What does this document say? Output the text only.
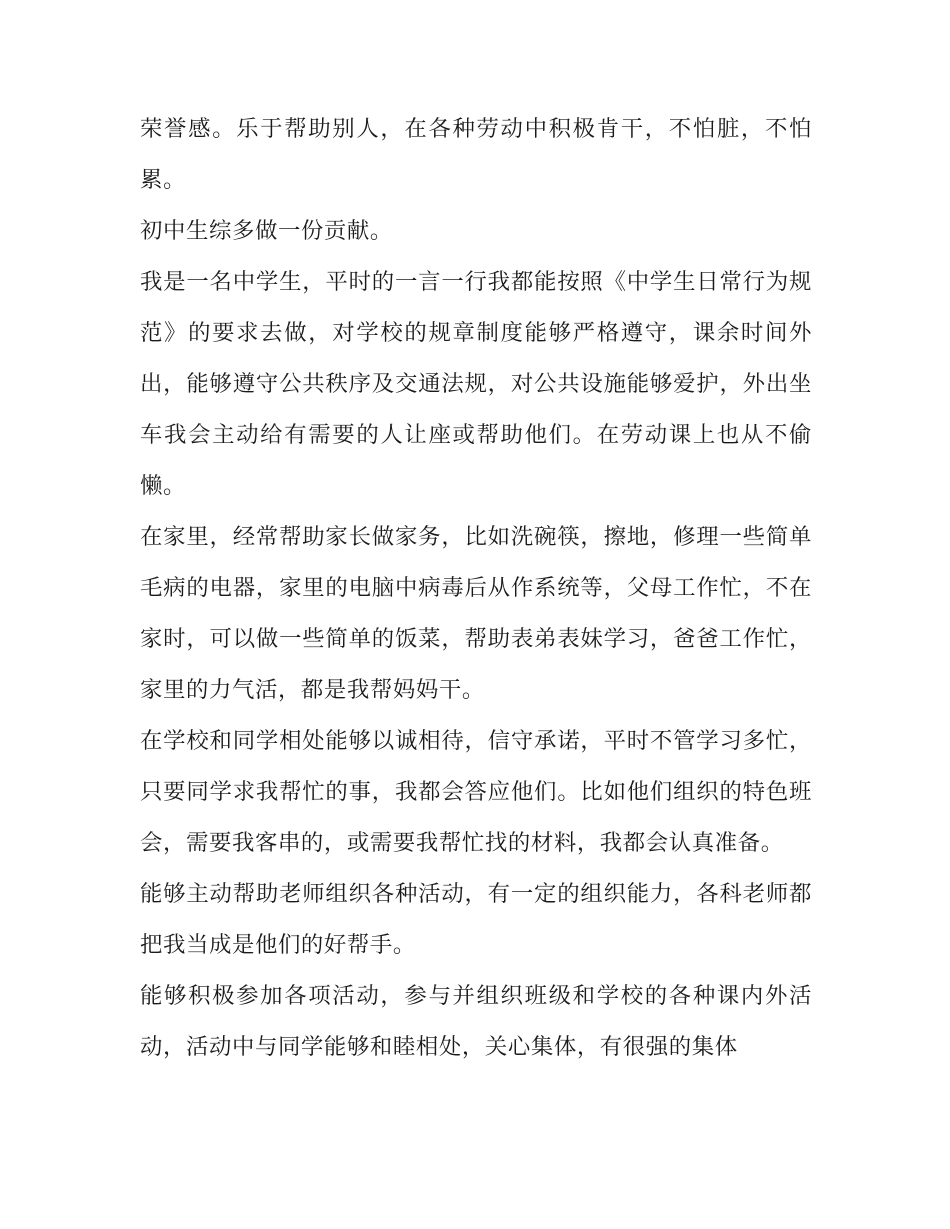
荣誉感。乐于帮助别人，在各种劳动中积极肯干，不怕脏，不怕累。

初中生综多做一份贡献。

我是一名中学生，平时的一言一行我都能按照《中学生日常行为规范》的要求去做，对学校的规章制度能够严格遵守，课余时间外出，能够遵守公共秩序及交通法规，对公共设施能够爱护，外出坐车我会主动给有需要的人让座或帮助他们。在劳动课上也从不偷懒。

在家里，经常帮助家长做家务，比如洗碗筷，擦地，修理一些简单毛病的电器，家里的电脑中病毒后从作系统等，父母工作忙，不在家时，可以做一些简单的饭菜，帮助表弟表妹学习，爸爸工作忙，家里的力气活，都是我帮妈妈干。

在学校和同学相处能够以诚相待，信守承诺，平时不管学习多忙，只要同学求我帮忙的事，我都会答应他们。比如他们组织的特色班会，需要我客串的，或需要我帮忙找的材料，我都会认真准备。

能够主动帮助老师组织各种活动，有一定的组织能力，各科老师都把我当成是他们的好帮手。

能够积极参加各项活动，参与并组织班级和学校的各种课内外活动，活动中与同学能够和睦相处，关心集体，有很强的集体
